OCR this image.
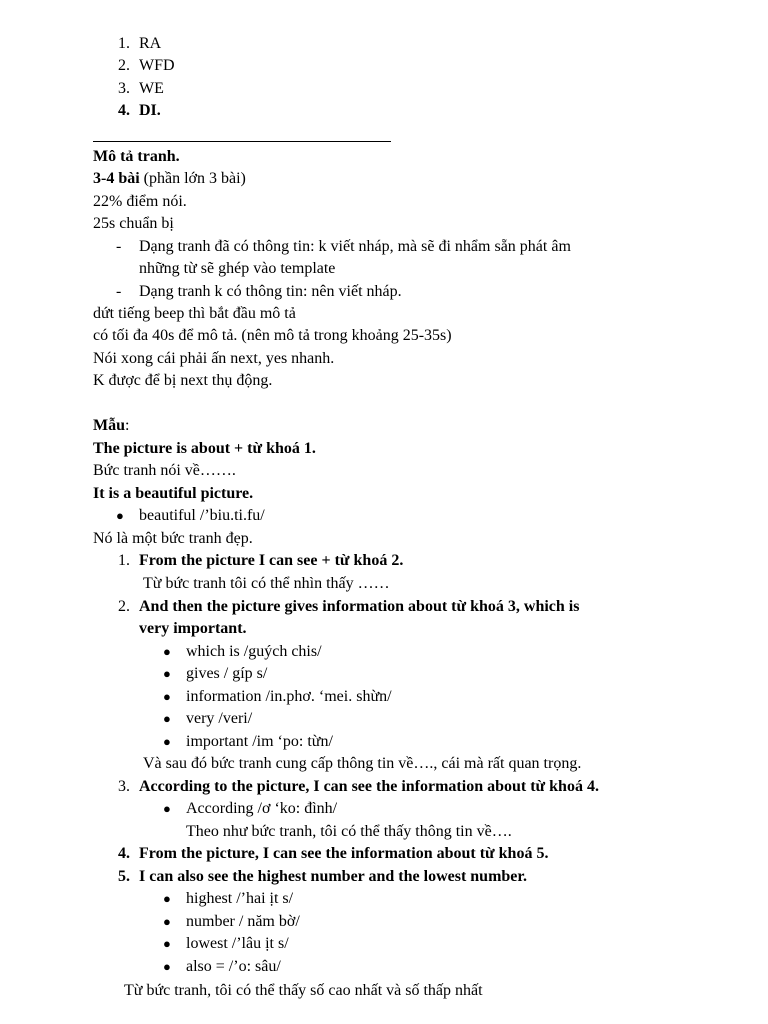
1. RA
2. WFD
3. WE
4. DI.
Mô tả tranh.
3-4 bài (phần lớn 3 bài)
22% điểm nói.
25s chuẩn bị
- Dạng tranh đã có thông tin: k viết nháp, mà sẽ đi nhẩm sẵn phát âm
những từ sẽ ghép vào template
- Dạng tranh k có thông tin: nên viết nháp.
dứt tiếng beep thì bắt đầu mô tả
có tối đa 40s để mô tả. (nên mô tả trong khoảng 25-35s)
Nói xong cái phải ấn next, yes nhanh.
K được để bị next thụ động.
Mẫu:
The picture is about + từ khoá 1.
Bức tranh nói về…….
It is a beautiful picture.
● beautiful /’biu.ti.fu/
Nó là một bức tranh đẹp.
1. From the picture I can see + từ khoá 2.
Từ bức tranh tôi có thể nhìn thấy ……
2. And then the picture gives information about từ khoá 3, which is
very important.
● which is /guých chis/
● gives / gíp s/
● information /in.phơ. ‘mei. shừn/
● very /veri/
● important /im ‘po: từn/
Và sau đó bức tranh cung cấp thông tin về…., cái mà rất quan trọng.
3. According to the picture, I can see the information about từ khoá 4.
● According /ơ ‘ko: đình/
Theo như bức tranh, tôi có thể thấy thông tin về….
4. From the picture, I can see the information about từ khoá 5.
5. I can also see the highest number and the lowest number.
● highest /’hai ịt s/
● number / năm bờ/
● lowest /’lâu ịt s/
● also = /’o: sâu/
Từ bức tranh, tôi có thể thấy số cao nhất và số thấp nhất
